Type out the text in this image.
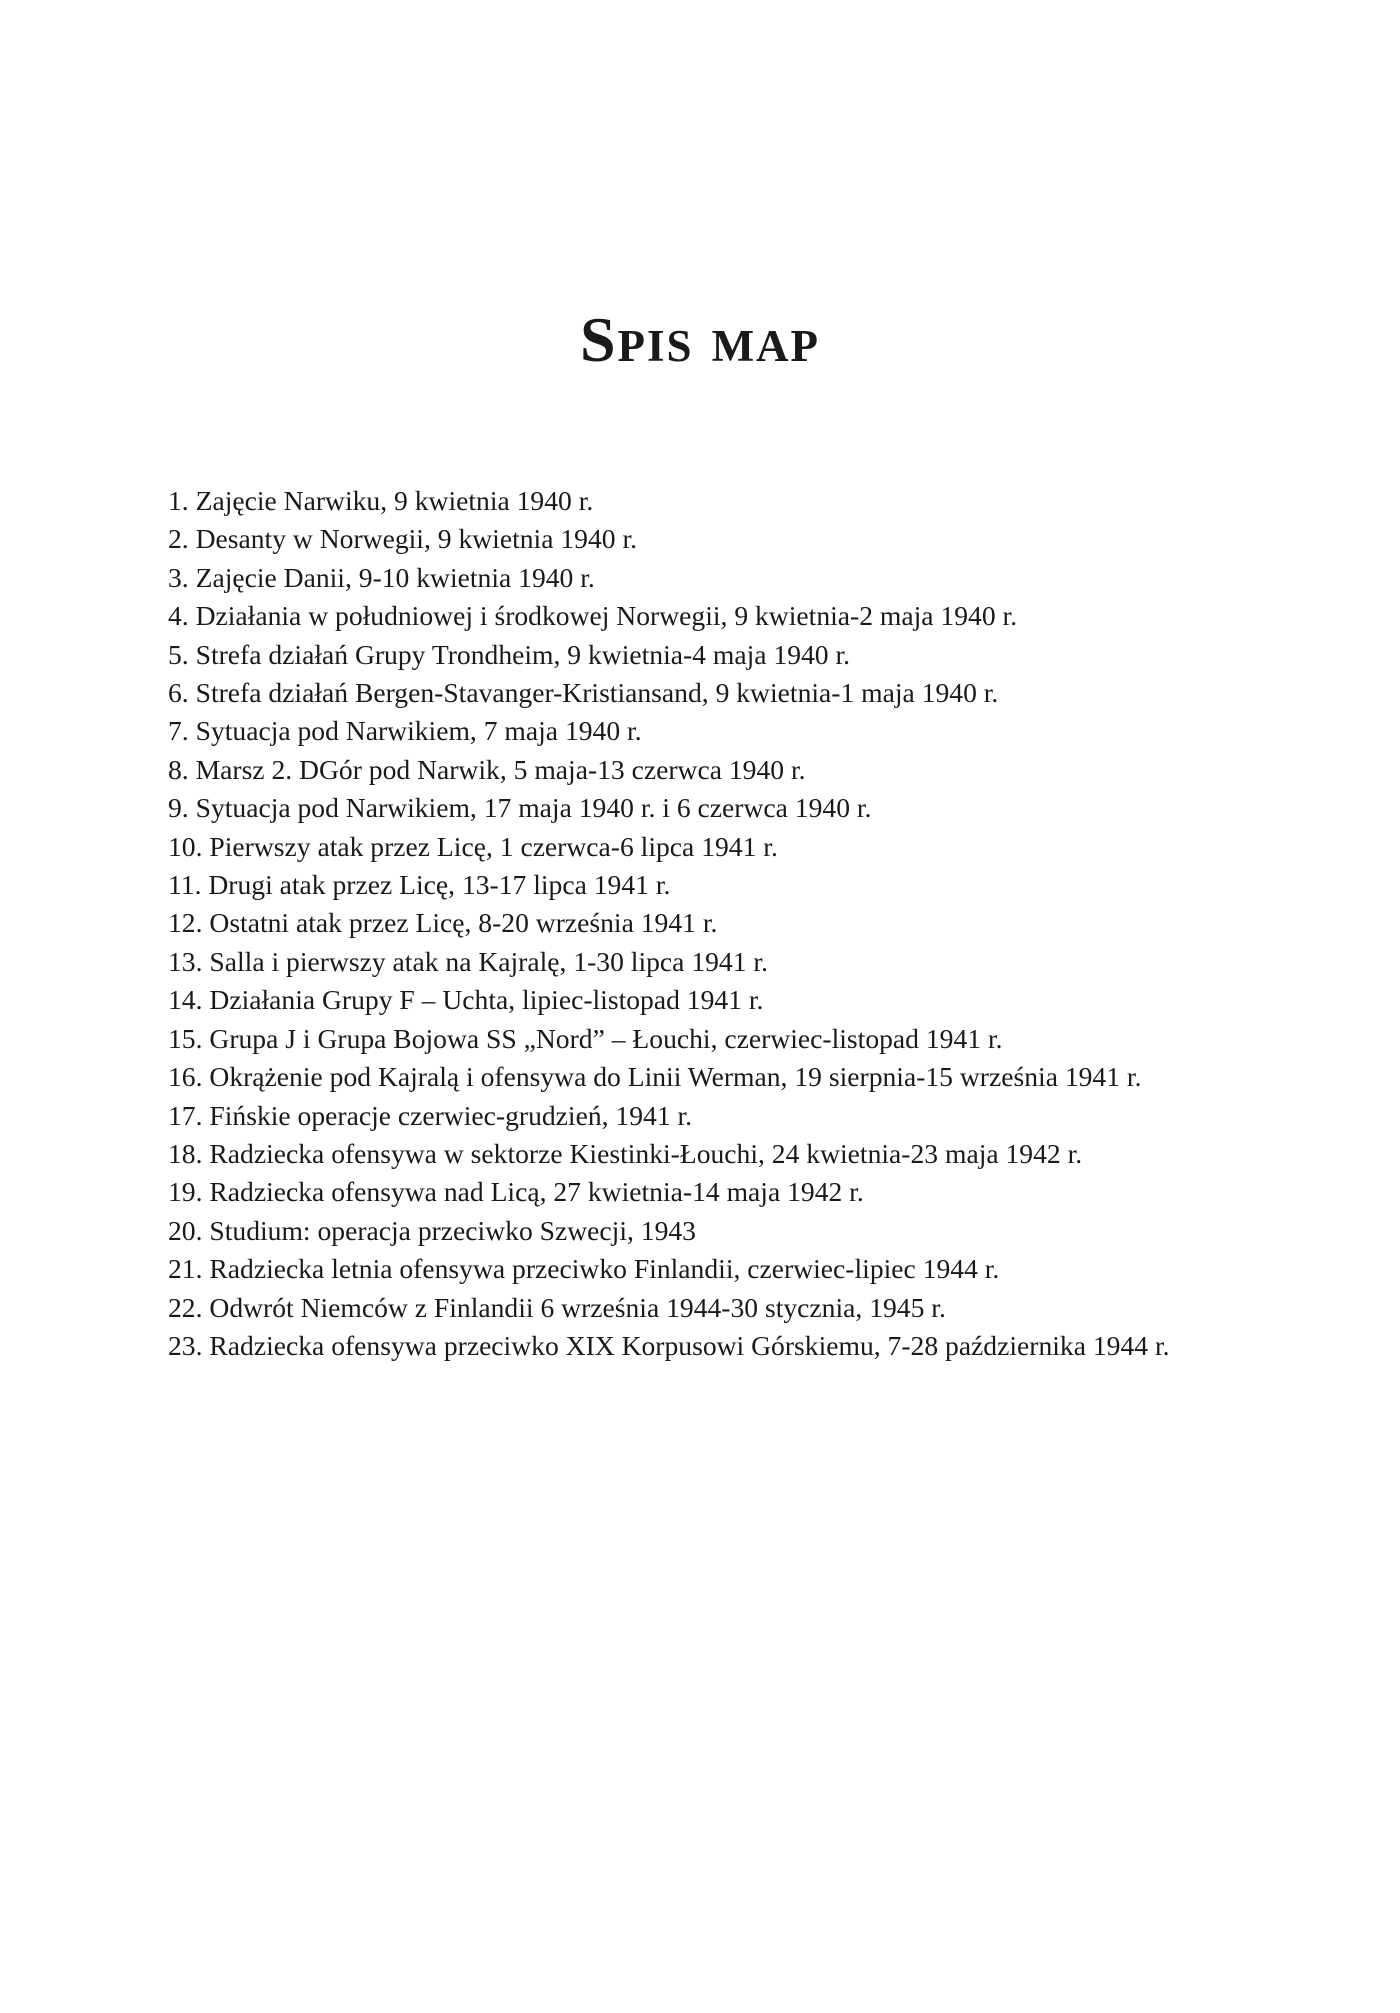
Spis map
1. Zajęcie Narwiku, 9 kwietnia 1940 r.
2. Desanty w Norwegii, 9 kwietnia 1940 r.
3. Zajęcie Danii, 9-10 kwietnia 1940 r.
4. Działania w południowej i środkowej Norwegii, 9 kwietnia-2 maja 1940 r.
5. Strefa działań Grupy Trondheim, 9 kwietnia-4 maja 1940 r.
6. Strefa działań Bergen-Stavanger-Kristiansand, 9 kwietnia-1 maja 1940 r.
7. Sytuacja pod Narwikiem, 7 maja 1940 r.
8. Marsz 2. DGór pod Narwik, 5 maja-13 czerwca 1940 r.
9. Sytuacja pod Narwikiem, 17 maja 1940 r. i 6 czerwca 1940 r.
10. Pierwszy atak przez Licę, 1 czerwca-6 lipca 1941 r.
11. Drugi atak przez Licę, 13-17 lipca 1941 r.
12. Ostatni atak przez Licę, 8-20 września 1941 r.
13. Salla i pierwszy atak na Kajralę, 1-30 lipca 1941 r.
14. Działania Grupy F – Uchta, lipiec-listopad 1941 r.
15. Grupa J i Grupa Bojowa SS „Nord” – Łouchi, czerwiec-listopad 1941 r.
16. Okrążenie pod Kajralą i ofensywa do Linii Werman, 19 sierpnia-15 września 1941 r.
17. Fińskie operacje czerwiec-grudzień, 1941 r.
18. Radziecka ofensywa w sektorze Kiestinki-Łouchi, 24 kwietnia-23 maja 1942 r.
19. Radziecka ofensywa nad Licą, 27 kwietnia-14 maja 1942 r.
20. Studium: operacja przeciwko Szwecji, 1943
21. Radziecka letnia ofensywa przeciwko Finlandii, czerwiec-lipiec 1944 r.
22. Odwrót Niemców z Finlandii 6 września 1944-30 stycznia, 1945 r.
23. Radziecka ofensywa przeciwko XIX Korpusowi Górskiemu, 7-28 października 1944 r.
